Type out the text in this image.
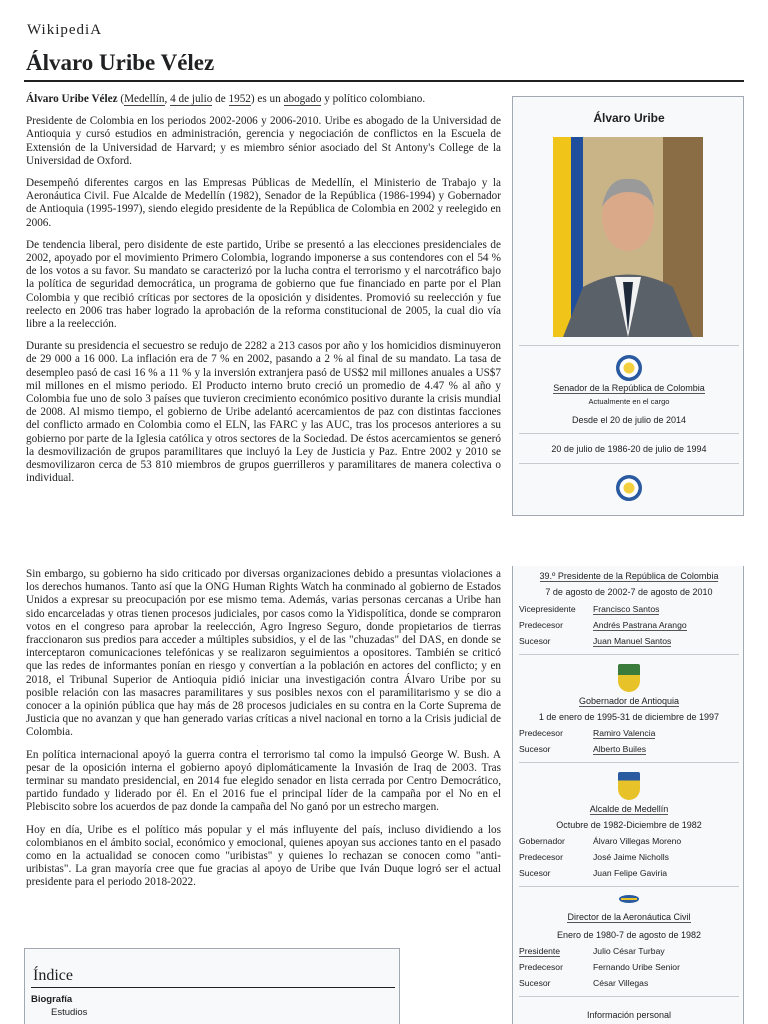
WikipediA
Álvaro Uribe Vélez

Álvaro Uribe Vélez (Medellín, 4 de julio de 1952) es un abogado y político colombiano.

Presidente de Colombia en los periodos 2002-2006 y 2006-2010. Uribe es abogado de la Universidad de Antioquia y cursó estudios en administración, gerencia y negociación de conflictos en la Escuela de Extensión de la Universidad de Harvard; y es miembro sénior asociado del St Antony's College de la Universidad de Oxford.

Desempeñó diferentes cargos en las Empresas Públicas de Medellín, el Ministerio de Trabajo y la Aeronáutica Civil. Fue Alcalde de Medellín (1982), Senador de la República (1986-1994) y Gobernador de Antioquia (1995-1997), siendo elegido presidente de la República de Colombia en 2002 y reelegido en 2006.

De tendencia liberal, pero disidente de este partido, Uribe se presentó a las elecciones presidenciales de 2002, apoyado por el movimiento Primero Colombia, logrando imponerse a sus contendores con el 54 % de los votos a su favor. Su mandato se caracterizó por la lucha contra el terrorismo y el narcotráfico bajo la política de seguridad democrática, un programa de gobierno que fue financiado en parte por el Plan Colombia y que recibió críticas por sectores de la oposición y disidentes. Promovió su reelección y fue reelecto en 2006 tras haber logrado la aprobación de la reforma constitucional de 2005, la cual dio vía libre a la reelección.

Durante su presidencia el secuestro se redujo de 2282 a 213 casos por año y los homicidios disminuyeron de 29 000 a 16 000. La inflación era de 7 % en 2002, pasando a 2 % al final de su mandato. La tasa de desempleo pasó de casi 16 % a 11 % y la inversión extranjera pasó de US$2 mil millones anuales a US$7 mil millones en el mismo periodo. El Producto interno bruto creció un promedio de 4.47 % al año y Colombia fue uno de solo 3 países que tuvieron crecimiento económico positivo durante la crisis mundial de 2008. Al mismo tiempo, el gobierno de Uribe adelantó acercamientos de paz con distintas facciones del conflicto armado en Colombia como el ELN, las FARC y las AUC, tras los procesos anteriores a su gobierno por parte de la Iglesia católica y otros sectores de la Sociedad. De éstos acercamientos se generó la desmovilización de grupos paramilitares que incluyó la Ley de Justicia y Paz. Entre 2002 y 2010 se desmovilizaron cerca de 53 810 miembros de grupos guerrilleros y paramilitares de manera colectiva o individual.

Sin embargo, su gobierno ha sido criticado por diversas organizaciones debido a presuntas violaciones a los derechos humanos. Tanto así que la ONG Human Rights Watch ha conminado al gobierno de Estados Unidos a expresar su preocupación por ese mismo tema. Además, varias personas cercanas a Uribe han sido encarceladas y otras tienen procesos judiciales, por casos como la Yidispolítica, donde se compraron votos en el congreso para aprobar la reelección, Agro Ingreso Seguro, donde propietarios de tierras fraccionaron sus predios para acceder a múltiples subsidios, y el de las "chuzadas" del DAS, en donde se interceptaron comunicaciones telefónicas y se realizaron seguimientos a opositores. También se criticó que las redes de informantes ponían en riesgo y convertían a la población en actores del conflicto; y en 2018, el Tribunal Superior de Antioquia pidió iniciar una investigación contra Álvaro Uribe por su posible relación con las masacres paramilitares y sus posibles nexos con el paramilitarismo y se dio a conocer a la opinión pública que hay más de 28 procesos judiciales en su contra en la Corte Suprema de Justicia que no avanzan y que han generado varias críticas a nivel nacional en torno a la Crisis judicial de Colombia.

En política internacional apoyó la guerra contra el terrorismo tal como la impulsó George W. Bush. A pesar de la oposición interna el gobierno apoyó diplomáticamente la Invasión de Iraq de 2003. Tras terminar su mandato presidencial, en 2014 fue elegido senador en lista cerrada por Centro Democrático, partido fundado y liderado por él. En el 2016 fue el principal líder de la campaña por el No en el Plebiscito sobre los acuerdos de paz donde la campaña del No ganó por un estrecho margen.

Hoy en día, Uribe es el político más popular y el más influyente del país, incluso dividiendo a los colombianos en el ámbito social, económico y emocional, quienes apoyan sus acciones tanto en el pasado como en la actualidad se conocen como "uribistas" y quienes lo rechazan se conocen como "anti-uribistas". La gran mayoría cree que fue gracias al apoyo de Uribe que Iván Duque logró ser el actual presidente para el periodo 2018-2022.

Álvaro Uribe
Senador de la República de Colombia
Actualmente en el cargo
Desde el 20 de julio de 2014
20 de julio de 1986-20 de julio de 1994
39.º Presidente de la República de Colombia
7 de agosto de 2002-7 de agosto de 2010
Vicepresidente	Francisco Santos
Predecesor	Andrés Pastrana Arango
Sucesor	Juan Manuel Santos
Gobernador de Antioquia
1 de enero de 1995-31 de diciembre de 1997
Predecesor	Ramiro Valencia
Sucesor	Alberto Builes
Alcalde de Medellín
Octubre de 1982-Diciembre de 1982
Gobernador	Álvaro Villegas Moreno
Predecesor	José Jaime Nicholls
Sucesor	Juan Felipe Gaviria
Director de la Aeronáutica Civil
Enero de 1980-7 de agosto de 1982
Presidente	Julio César Turbay
Predecesor	Fernando Uribe Senior
Sucesor	César Villegas
Información personal
Índice
Biografía
Estudios
